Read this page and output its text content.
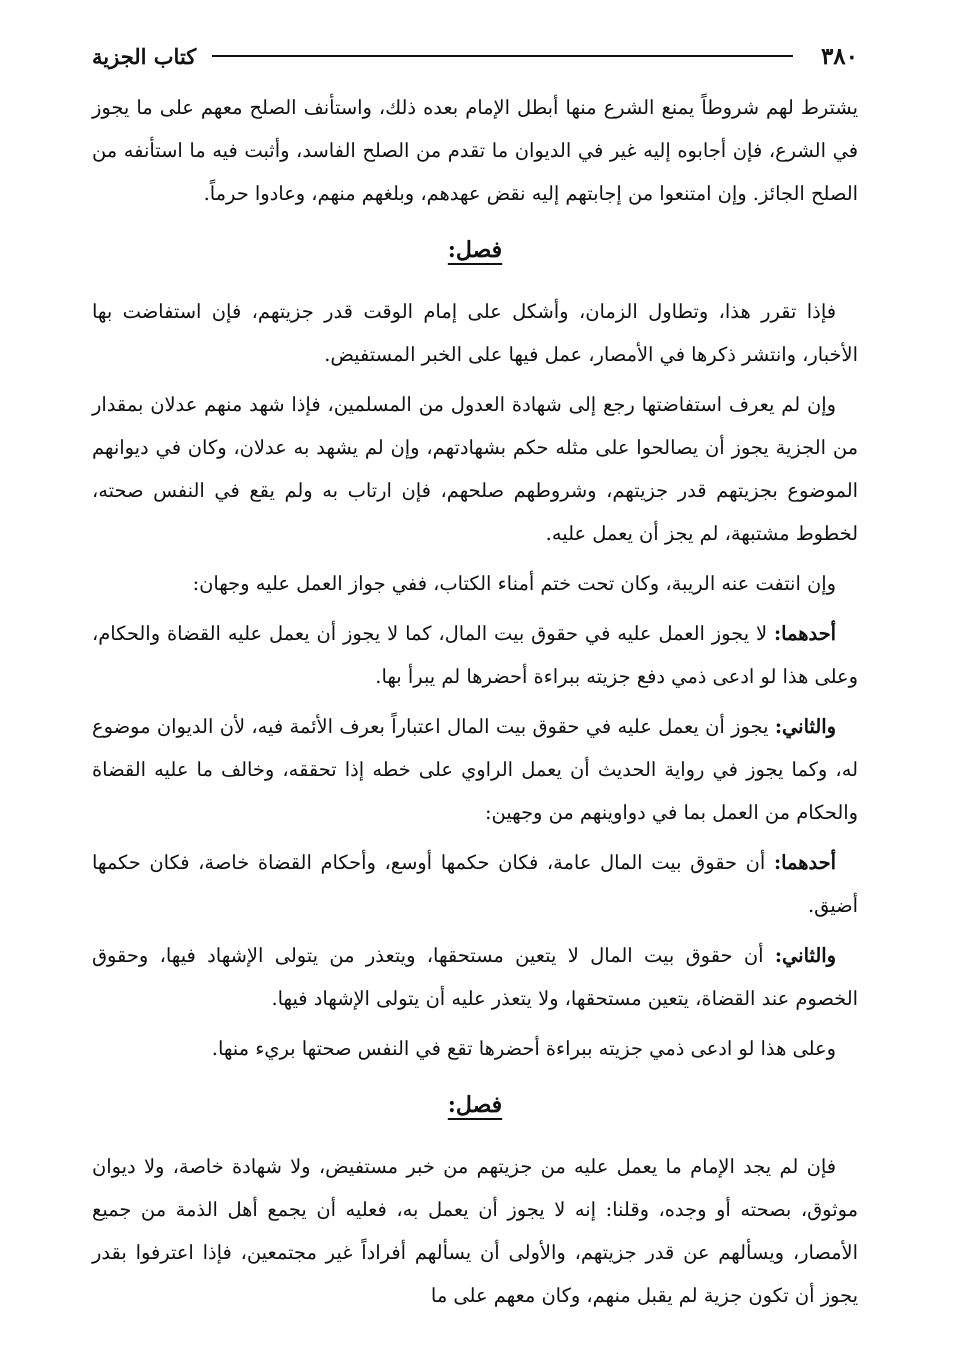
٣٨٠
كتاب الجزية

يشترط لهم شروطاً يمنع الشرع منها أبطل الإمام بعده ذلك، واستأنف الصلح معهم على ما يجوز في الشرع، فإن أجابوه إليه غير في الديوان ما تقدم من الصلح الفاسد، وأثبت فيه ما استأنفه من الصلح الجائز. وإن امتنعوا من إجابتهم إليه نقض عهدهم، وبلغهم منهم، وعادوا حرماً.

فصل:

فإذا تقرر هذا، وتطاول الزمان، وأشكل على إمام الوقت قدر جزيتهم، فإن استفاضت بها الأخبار، وانتشر ذكرها في الأمصار، عمل فيها على الخبر المستفيض.

وإن لم يعرف استفاضتها رجع إلى شهادة العدول من المسلمين، فإذا شهد منهم عدلان بمقدار من الجزية يجوز أن يصالحوا على مثله حكم بشهادتهم، وإن لم يشهد به عدلان، وكان في ديوانهم الموضوع بجزيتهم قدر جزيتهم، وشروطهم صلحهم، فإن ارتاب به ولم يقع في النفس صحته، لخطوط مشتبهة، لم يجز أن يعمل عليه.

وإن انتفت عنه الريبة، وكان تحت ختم أمناء الكتاب، ففي جواز العمل عليه وجهان:

أحدهما: لا يجوز العمل عليه في حقوق بيت المال، كما لا يجوز أن يعمل عليه القضاة والحكام، وعلى هذا لو ادعى ذمي دفع جزيته ببراءة أحضرها لم يبرأ بها.

والثاني: يجوز أن يعمل عليه في حقوق بيت المال اعتباراً بعرف الأئمة فيه، لأن الديوان موضوع له، وكما يجوز في رواية الحديث أن يعمل الراوي على خطه إذا تحققه، وخالف ما عليه القضاة والحكام من العمل بما في دواوينهم من وجهين:

أحدهما: أن حقوق بيت المال عامة، فكان حكمها أوسع، وأحكام القضاة خاصة، فكان حكمها أضيق.

والثاني: أن حقوق بيت المال لا يتعين مستحقها، ويتعذر من يتولى الإشهاد فيها، وحقوق الخصوم عند القضاة، يتعين مستحقها، ولا يتعذر عليه أن يتولى الإشهاد فيها.

وعلى هذا لو ادعى ذمي جزيته ببراءة أحضرها تقع في النفس صحتها بريء منها.

فصل:

فإن لم يجد الإمام ما يعمل عليه من جزيتهم من خبر مستفيض، ولا شهادة خاصة، ولا ديوان موثوق، بصحته أو وجده، وقلنا: إنه لا يجوز أن يعمل به، فعليه أن يجمع أهل الذمة من جميع الأمصار، ويسألهم عن قدر جزيتهم، والأولى أن يسألهم أفراداً غير مجتمعين، فإذا اعترفوا بقدر يجوز أن تكون جزية لم يقبل منهم، وكان معهم على ما
